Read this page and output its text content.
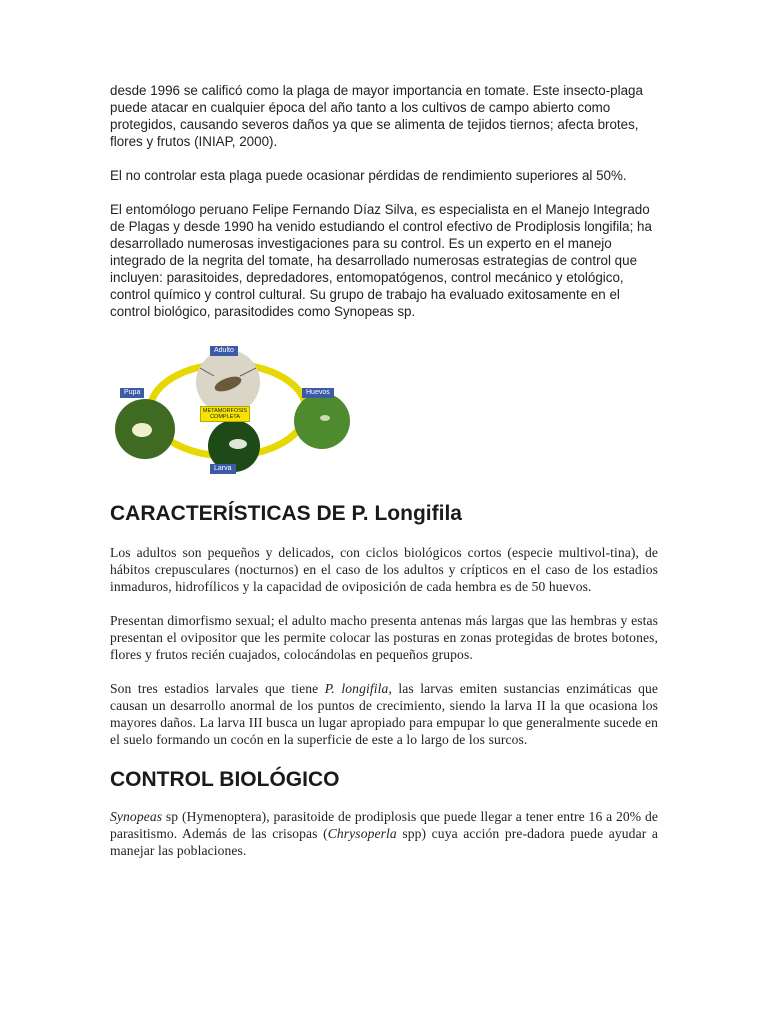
desde 1996 se calificó como la plaga de mayor importancia en tomate. Este insecto-plaga puede atacar en cualquier época del año tanto a los cultivos de campo abierto como protegidos, causando severos daños ya que se alimenta de tejidos tiernos; afecta brotes, flores y frutos (INIAP, 2000).

El no controlar esta plaga puede ocasionar pérdidas de rendimiento superiores al 50%.

El entomólogo peruano Felipe Fernando Díaz Silva, es especialista en el Manejo Integrado de Plagas y desde 1990 ha venido estudiando el control efectivo de Prodiplosis longifila; ha desarrollado numerosas investigaciones para su control. Es un experto en el manejo integrado de la negrita del tomate, ha desarrollado numerosas estrategias de control que incluyen: parasitoides, depredadores, entomopatógenos, control mecánico y etológico, control químico y control cultural. Su grupo de trabajo ha evaluado exitosamente en el control biológico, parasitodides como Synopeas sp.

Adulto
Huevos
Pupa
Larva
METAMORFOSIS
COMPLETA
CARACTERÍSTICAS DE P. Longifila

Los adultos son pequeños y delicados, con ciclos biológicos cortos (especie multivol-tina), de hábitos crepusculares (nocturnos) en el caso de los adultos y crípticos en el caso de los estadios inmaduros, hidrofílicos y la capacidad de oviposición de cada hembra es de 50 huevos.

Presentan dimorfismo sexual; el adulto macho presenta antenas más largas que las hembras y estas presentan el ovipositor que les permite colocar las posturas en zonas protegidas de brotes botones, flores y frutos recién cuajados, colocándolas en pequeños grupos.

Son tres estadios larvales que tiene P. longifila, las larvas emiten sustancias enzimáticas que causan un desarrollo anormal de los puntos de crecimiento, siendo la larva II la que ocasiona los mayores daños. La larva III busca un lugar apropiado para empupar lo que generalmente sucede en el suelo formando un cocón en la superficie de este a lo largo de los surcos.

CONTROL BIOLÓGICO

Synopeas sp (Hymenoptera), parasitoide de prodiplosis que puede llegar a tener entre 16 a 20% de parasitismo. Además de las crisopas (Chrysoperla spp) cuya acción pre-dadora puede ayudar a manejar las poblaciones.
